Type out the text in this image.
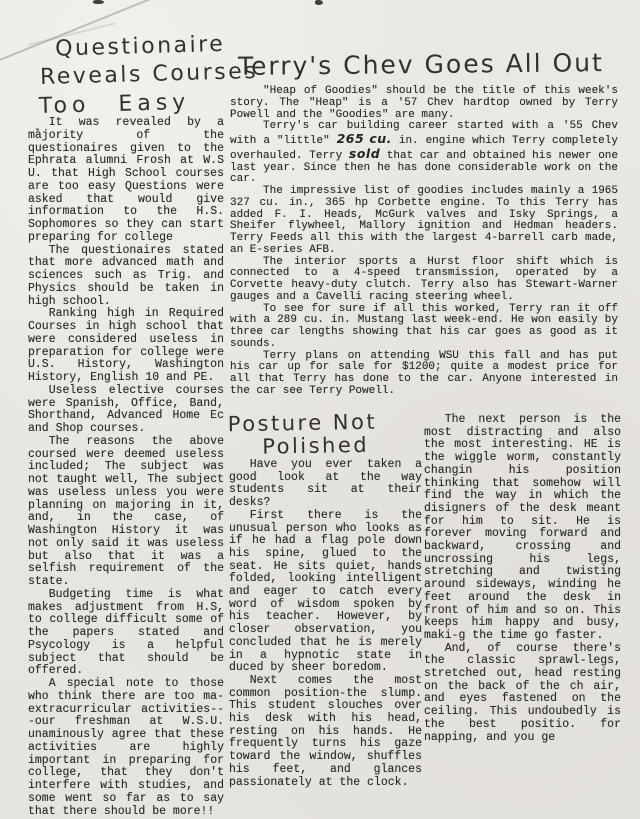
Questionaire
Reveals Courses
Too Easy

It was revealed by a majority of the questionaires given to the Ephrata alumni Frosh at W.S U. that High School courses are too easy Questions were asked that would give information to the H.S. Sophomores so they can start preparing for college

The questionaires stated that more advanced math and sciences such as Trig. and Physics should be taken in high school.

Ranking high in Required Courses in high school that were considered useless in preparation for college were U.S. History, Washington History, English 10 and PE.

Useless elective courses were Spanish, Office, Band, Shorthand, Advanced Home Ec and Shop courses.

The reasons the above coursed were deemed useless included; The subject was not taught well, The subject was useless unless you were planning on majoring in it, and, in the case, of Washington History it was not only said it was useless but also that it was a selfish requirement of the state.

Budgeting time is what makes adjustment from H.S, to college difficult some of the papers stated and Psycology is a helpful subject that should be offered.

A special note to those who think there are too ma- extracurricular activities---our freshman at W.S.U. unaminously agree that these activities are highly important in preparing for college, that they don't interfere with studies, and some went so far as to say that there should be more!!

Terry's Chev Goes All Out

"Heap of Goodies" should be the title of this week's story. The "Heap" is a '57 Chev hardtop owned by Terry Powell and the "Goodies" are many.

Terry's car building career started with a '55 Chev with a "little" 265 cu. in. engine which Terry completely overhauled. Terry sold that car and obtained his newer one last year. Since then he has done considerable work on the car.

The impressive list of goodies includes mainly a 1965 327 cu. in., 365 hp Corbette engine. To this Terry has added F. I. Heads, McGurk valves and Isky Springs, a Sheifer flywheel, Mallory ignition and Hedman headers. Terry Feeds all this with the largest 4-barrell carb made, an E-series AFB.

The interior sports a Hurst floor shift which is connected to a 4-speed transmission, operated by a Corvette heavy-duty clutch. Terry also has Stewart-Warner gauges and a Cavelli racing steering wheel.

To see for sure if all this worked, Terry ran it off with a 289 cu. in. Mustang last week-end. He won easily by three car lengths showing that his car goes as good as it sounds.

Terry plans on attending WSU this fall and has put his car up for sale for $1200; quite a modest price for all that Terry has done to the car. Anyone interested in the car see Terry Powell.

Posture Not
Polished

Have you ever taken a good look at the way students sit at their desks?

First there is the unusual person who looks as if he had a flag pole down his spine, glued to the seat. He sits quiet, hands folded, looking intelligent and eager to catch every word of wisdom spoken by his teacher. However, by closer observation, you concluded that he is merely in a hypnotic state in duced by sheer boredom.

Next comes the most common position-the slump. This student slouches over his desk with his head, resting on his hands. He frequently turns his gaze toward the window, shuffles his feet, and glances passionately at the clock.

The next person is the most distracting and also the most interesting. HE is the wiggle worm, constantly changin his position thinking that somehow will find the way in which the disigners of the desk meant for him to sit. He is forever moving forward and backward, crossing and uncrossing his legs, stretching and twisting around sideways, winding he feet around the desk in front of him and so on. This keeps him happy and busy, maki-g the time go faster.

And, of course there's the classic sprawl-legs, stretched out, head resting on the back of the ch air, and eyes fastened on the ceiling. This undoubedly is the best positio. for napping, and you ge
